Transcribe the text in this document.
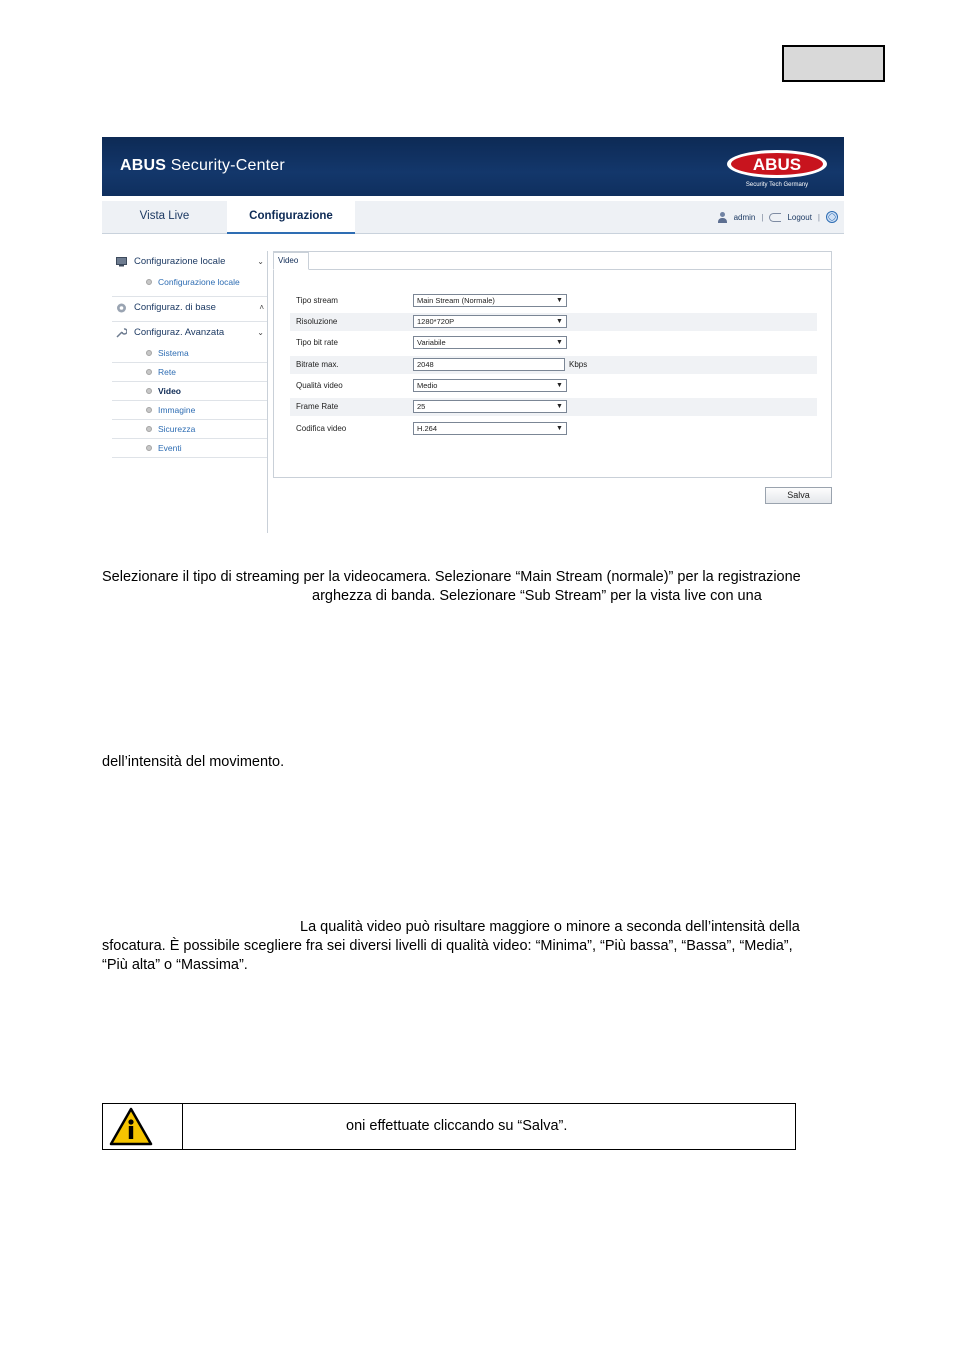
ABUS Security-Center	ABUS
Security Tech Germany
Vista Live	Configurazione	admin |	Logout |
Configurazione locale	⌄
Configurazione locale
Configuraz. di base	˄
Configuraz. Avanzata	⌄
Sistema
Rete
Video
Immagine
Sicurezza
Eventi
Video
Tipo stream	Main Stream (Normale)	▼
Risoluzione	1280*720P	▼
Tipo bit rate	Variabile	▼
Bitrate max.	2048	Kbps
Qualità video	Medio	▼
Frame Rate	25	▼
Codifica video	H.264	▼
Salva
Selezionare il tipo di streaming per la videocamera. Selezionare “Main Stream (normale)” per la registrazione
arghezza di banda. Selezionare “Sub Stream” per la vista live con una
dell’intensità del movimento.
La qualità video può risultare maggiore o minore a seconda dell’intensità della
sfocatura. È possibile scegliere fra sei diversi livelli di qualità video: “Minima”, “Più bassa”, “Bassa”, “Media”,
“Più alta” o “Massima”.
oni effettuate cliccando su “Salva”.
